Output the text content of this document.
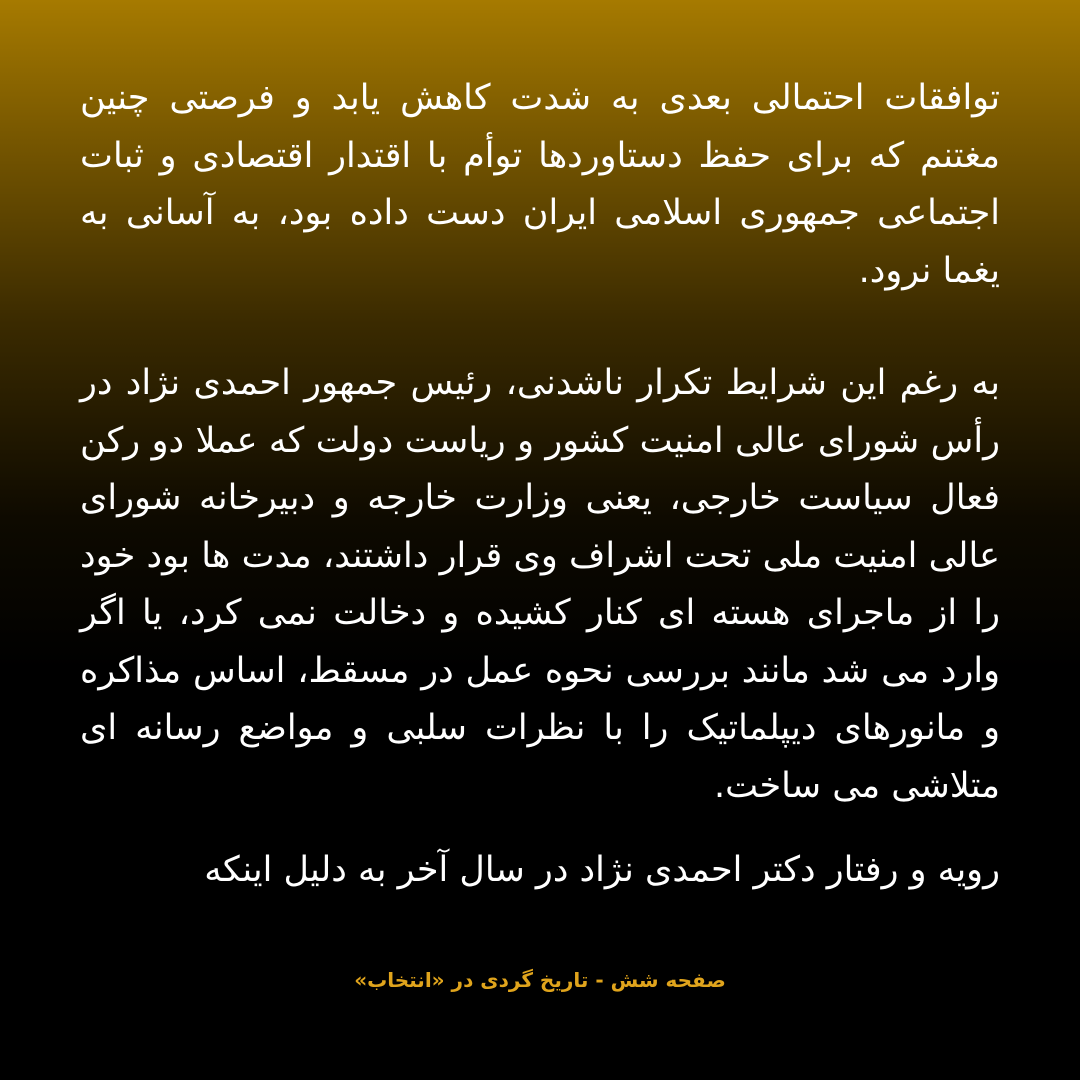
توافقات احتمالی بعدی به شدت کاهش یابد و فرصتی چنین مغتنم که برای حفظ دستاوردها توأم با اقتدار اقتصادی و ثبات اجتماعی جمهوری اسلامی ایران دست داده بود، به آسانی به یغما نرود.

به رغم این شرایط تکرار ناشدنی، رئیس جمهور احمدی نژاد در رأس شورای عالی امنیت کشور و ریاست دولت که عملا دو رکن فعال سیاست خارجی، یعنی وزارت خارجه و دبیرخانه شورای عالی امنیت ملی تحت اشراف وی قرار داشتند، مدت ها بود خود را از ماجرای هسته ای کنار کشیده و دخالت نمی کرد، یا اگر وارد می شد مانند بررسی نحوه عمل در مسقط، اساس مذاکره و مانورهای دیپلماتیک را با نظرات سلبی و مواضع رسانه ای متلاشی می ساخت.

رویه و رفتار دکتر احمدی نژاد در سال آخر به دلیل اینکه

صفحه شش - تاریخ گردی در «انتخاب»
